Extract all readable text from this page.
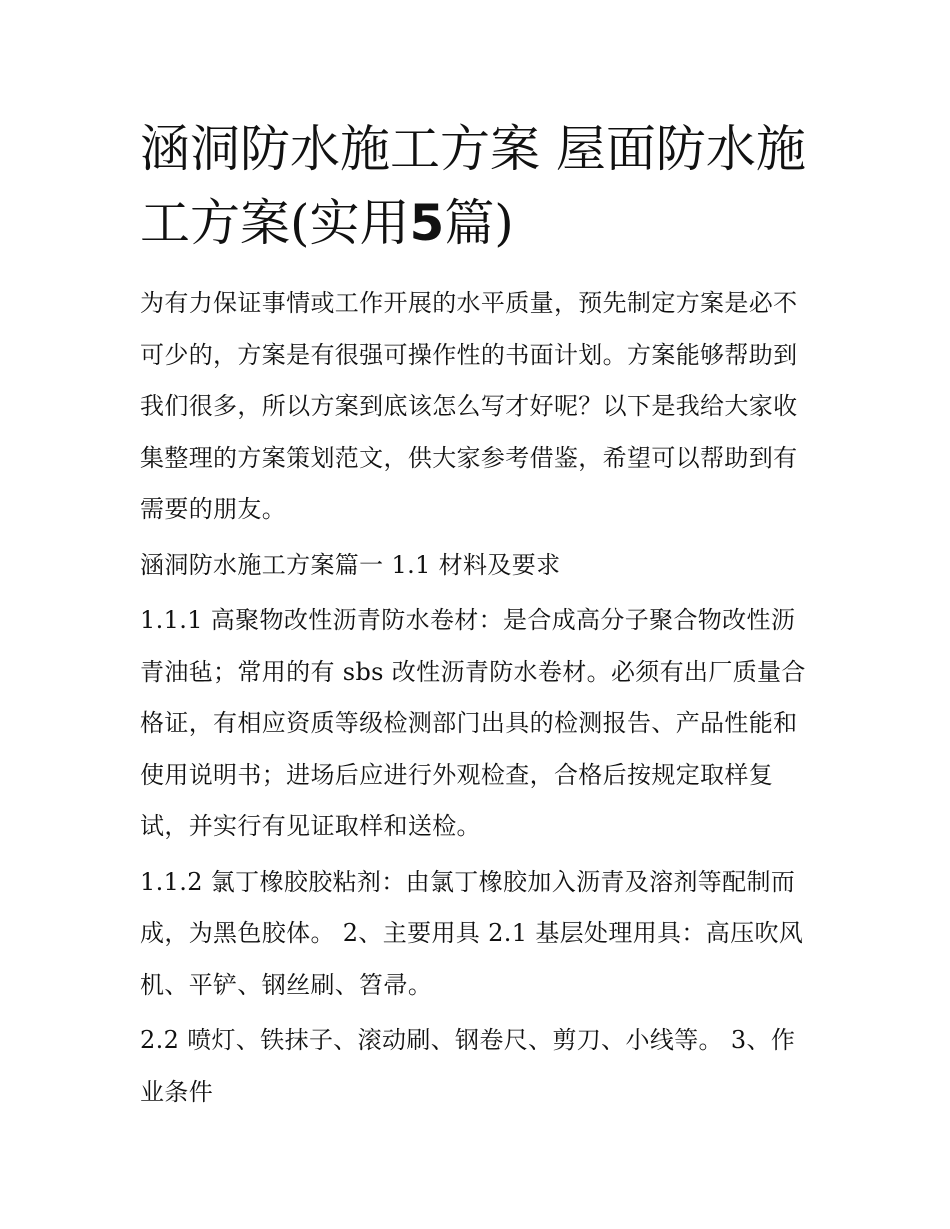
涵洞防水施工方案 屋面防水施工方案(实用5篇)

为有力保证事情或工作开展的水平质量，预先制定方案是必不可少的，方案是有很强可操作性的书面计划。方案能够帮助到我们很多，所以方案到底该怎么写才好呢？以下是我给大家收集整理的方案策划范文，供大家参考借鉴，希望可以帮助到有需要的朋友。

涵洞防水施工方案篇一 1.1 材料及要求

1.1.1 高聚物改性沥青防水卷材：是合成高分子聚合物改性沥青油毡；常用的有 sbs 改性沥青防水卷材。必须有出厂质量合格证，有相应资质等级检测部门出具的检测报告、产品性能和使用说明书；进场后应进行外观检查，合格后按规定取样复试，并实行有见证取样和送检。

1.1.2 氯丁橡胶胶粘剂：由氯丁橡胶加入沥青及溶剂等配制而成，为黑色胶体。 2、主要用具 2.1 基层处理用具：高压吹风机、平铲、钢丝刷、笤帚。

2.2 喷灯、铁抹子、滚动刷、钢卷尺、剪刀、小线等。 3、作业条件
